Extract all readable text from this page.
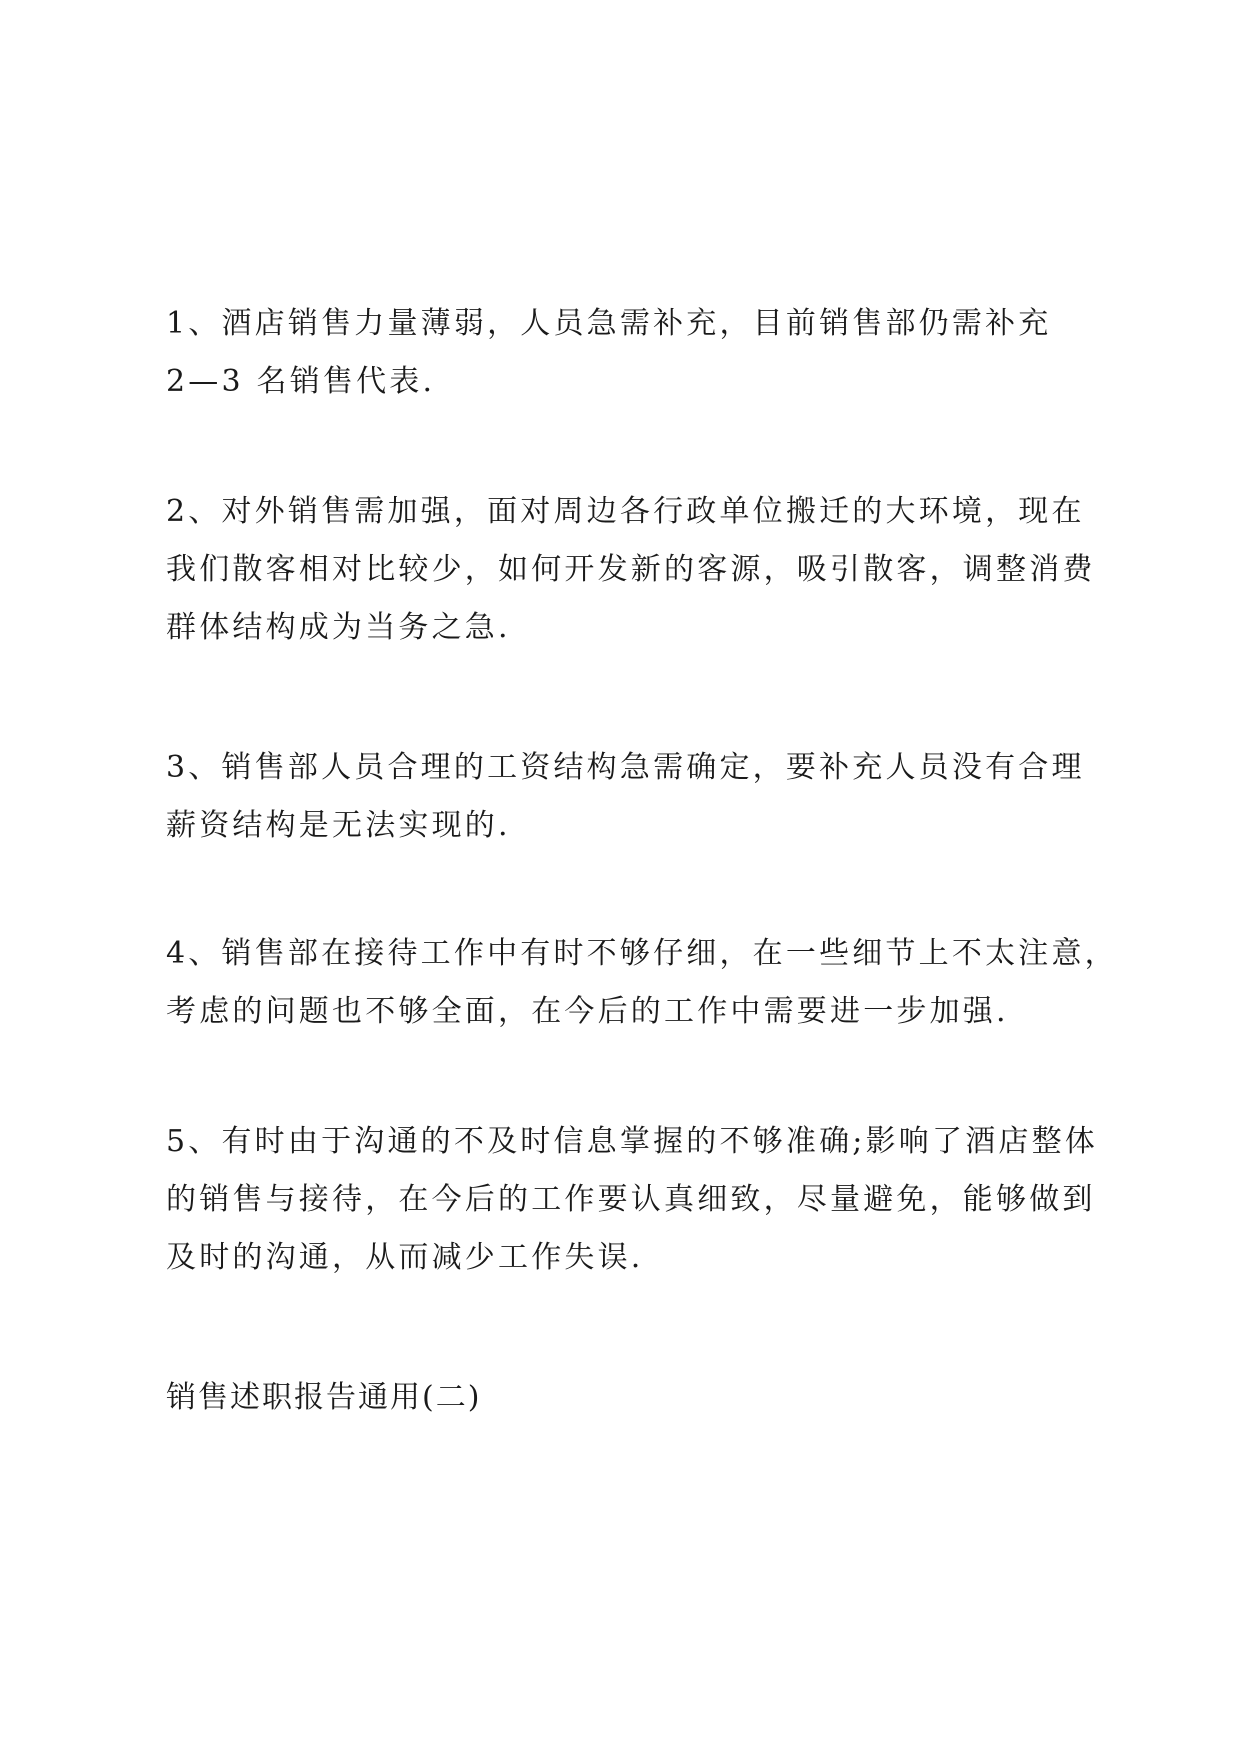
1、酒店销售力量薄弱，人员急需补充，目前销售部仍需补充
2—3 名销售代表.

2、对外销售需加强，面对周边各行政单位搬迁的大环境，现在
我们散客相对比较少，如何开发新的客源，吸引散客，调整消费
群体结构成为当务之急.

3、销售部人员合理的工资结构急需确定，要补充人员没有合理
薪资结构是无法实现的.

4、销售部在接待工作中有时不够仔细，在一些细节上不太注意，
考虑的问题也不够全面，在今后的工作中需要进一步加强.

5、有时由于沟通的不及时信息掌握的不够准确;影响了酒店整体
的销售与接待，在今后的工作要认真细致，尽量避免，能够做到
及时的沟通，从而减少工作失误.

销售述职报告通用(二)
